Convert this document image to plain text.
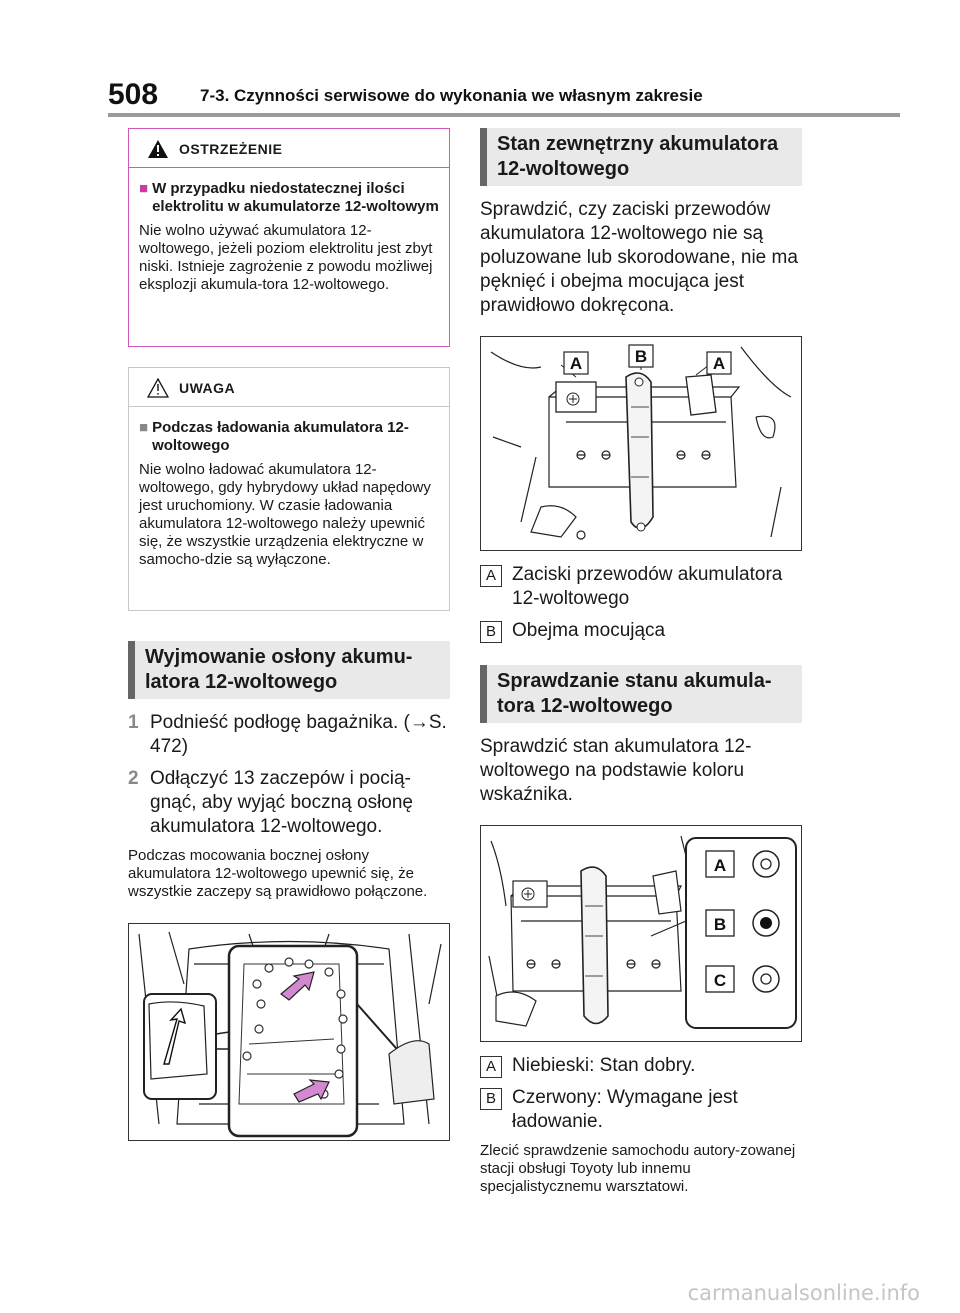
508 7-3. Czynności serwisowe do wykonania we własnym zakresie
OSTRZEŻENIE
■ W przypadku niedostatecznej ilości elektrolitu w akumulatorze 12-woltowym
Nie wolno używać akumulatora 12-woltowego, jeżeli poziom elektrolitu jest zbyt niski. Istnieje zagrożenie z powodu możliwej eksplozji akumula-tora 12-woltowego.
UWAGA
■ Podczas ładowania akumulatora 12-woltowego
Nie wolno ładować akumulatora 12-woltowego, gdy hybrydowy układ napędowy jest uruchomiony. W czasie ładowania akumulatora 12-woltowego należy upewnić się, że wszystkie urządzenia elektryczne w samocho-dzie są wyłączone.
Wyjmowanie osłony akumu-latora 12-woltowego
1 Podnieść podłogę bagażnika. (→S. 472)
2 Odłączyć 13 zaczepów i pocią-gnąć, aby wyjąć boczną osłonę akumulatora 12-woltowego.
Podczas mocowania bocznej osłony akumulatora 12-woltowego upewnić się, że wszystkie zaczepy są prawidłowo połączone.
Stan zewnętrzny akumulatora 12-woltowego
Sprawdzić, czy zaciski przewodów akumulatora 12-woltowego nie są poluzowane lub skorodowane, nie ma pęknięć i obejma mocująca jest prawidłowo dokręcona.
A	B	A
A Zaciski przewodów akumulatora 12-woltowego
B Obejma mocująca
Sprawdzanie stanu akumula-tora 12-woltowego
Sprawdzić stan akumulatora 12-woltowego na podstawie koloru wskaźnika.
A
B
C
A Niebieski: Stan dobry.
B Czerwony: Wymagane jest ładowanie.
Zlecić sprawdzenie samochodu autory-zowanej stacji obsługi Toyoty lub innemu specjalistycznemu warsztatowi.
carmanualsonline.info
